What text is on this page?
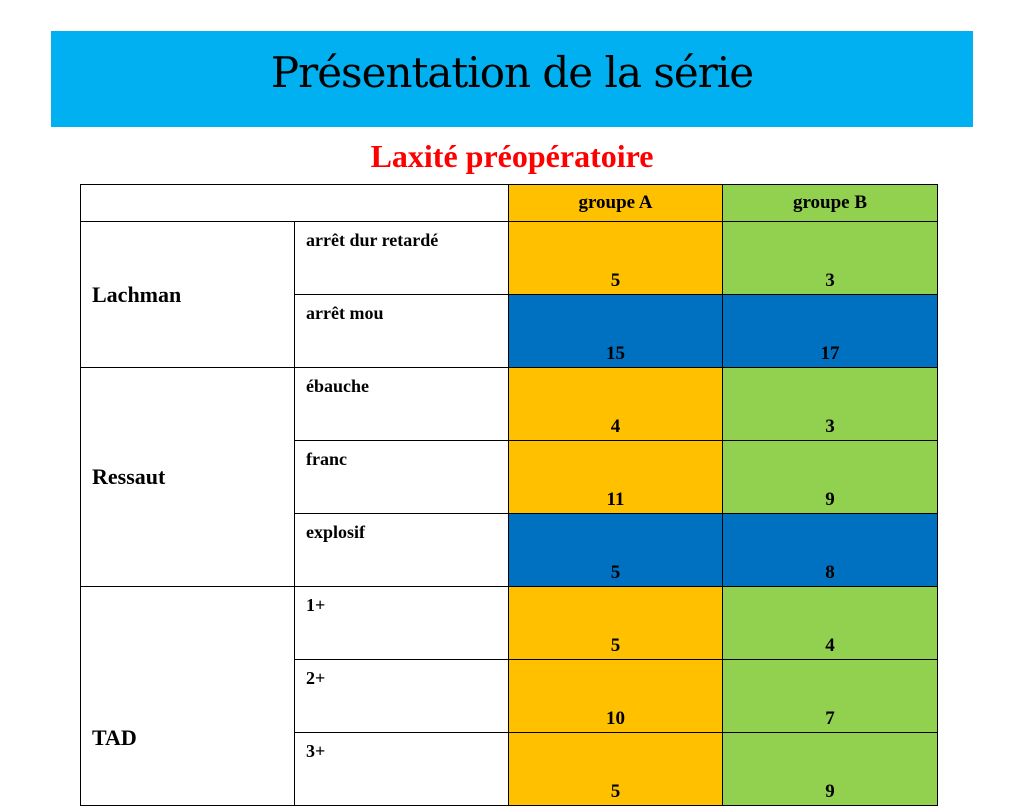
Présentation de la série
Laxité préopératoire
		groupe A	groupe B
Lachman	arrêt dur retardé	5	3

	arrêt mou	15	17

Ressaut	ébauche	4	3

	franc	11	9

	explosif	5	8

TAD	1+	5	4

	2+	10	7

	3+	5	9
